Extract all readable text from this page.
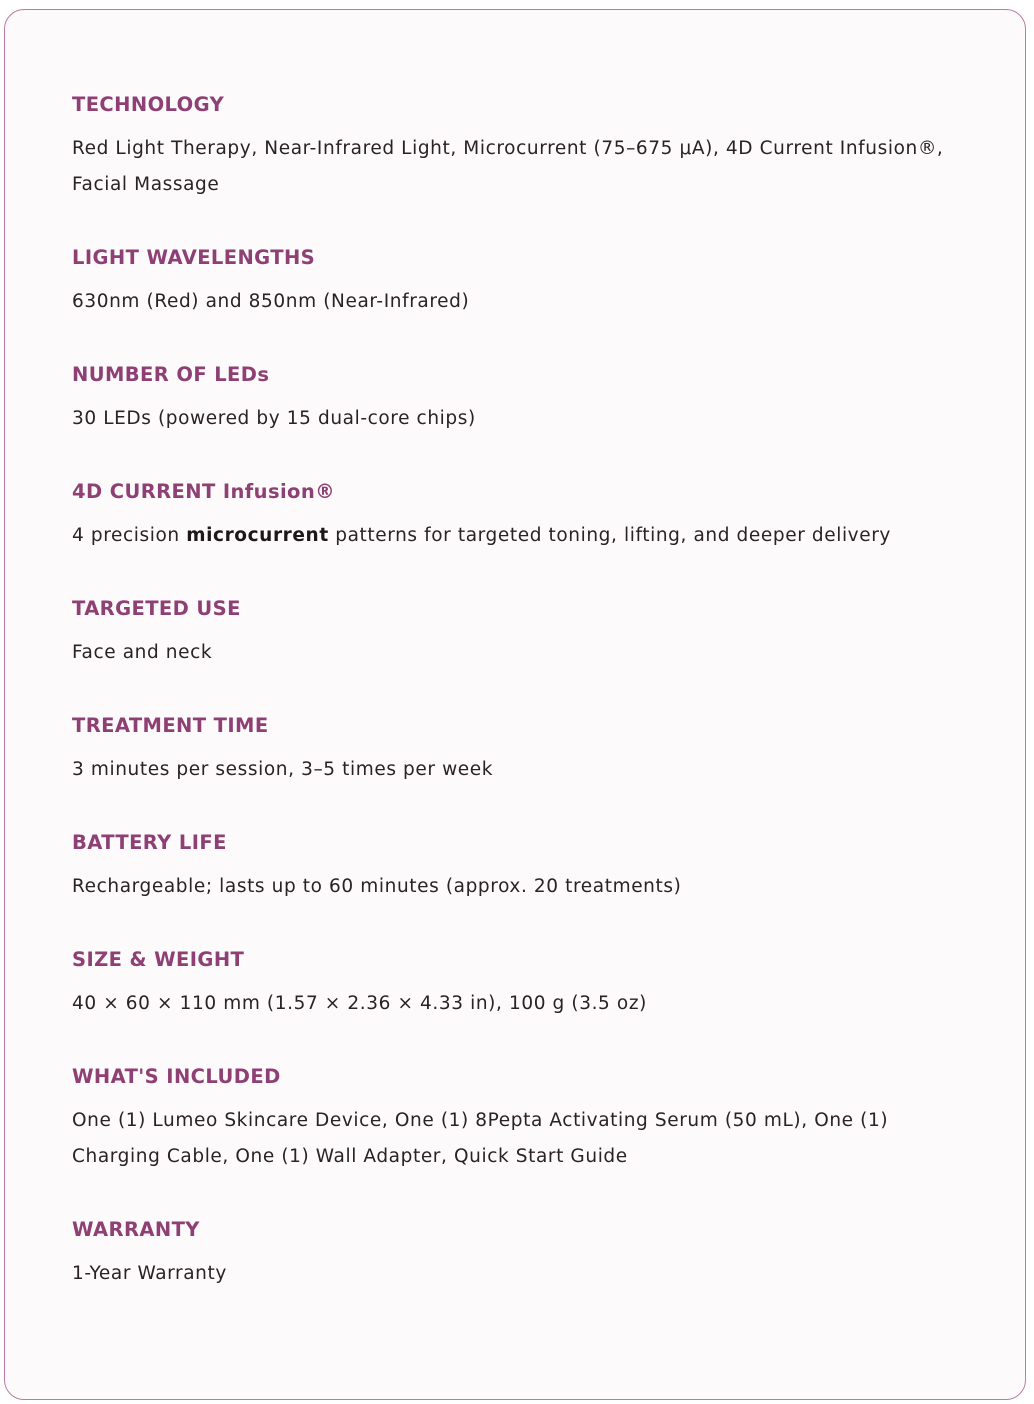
TECHNOLOGY

Red Light Therapy, Near-Infrared Light, Microcurrent (75–675 μA), 4D Current Infusion®, Facial Massage

LIGHT WAVELENGTHS

630nm (Red) and 850nm (Near-Infrared)

NUMBER OF LEDs

30 LEDs (powered by 15 dual-core chips)

4D CURRENT Infusion®

4 precision microcurrent patterns for targeted toning, lifting, and deeper delivery

TARGETED USE

Face and neck

TREATMENT TIME

3 minutes per session, 3–5 times per week

BATTERY LIFE

Rechargeable; lasts up to 60 minutes (approx. 20 treatments)

SIZE & WEIGHT

40 × 60 × 110 mm (1.57 × 2.36 × 4.33 in), 100 g (3.5 oz)

WHAT'S INCLUDED

One (1) Lumeo Skincare Device, One (1) 8Pepta Activating Serum (50 mL), One (1) Charging Cable, One (1) Wall Adapter, Quick Start Guide

WARRANTY

1-Year Warranty
